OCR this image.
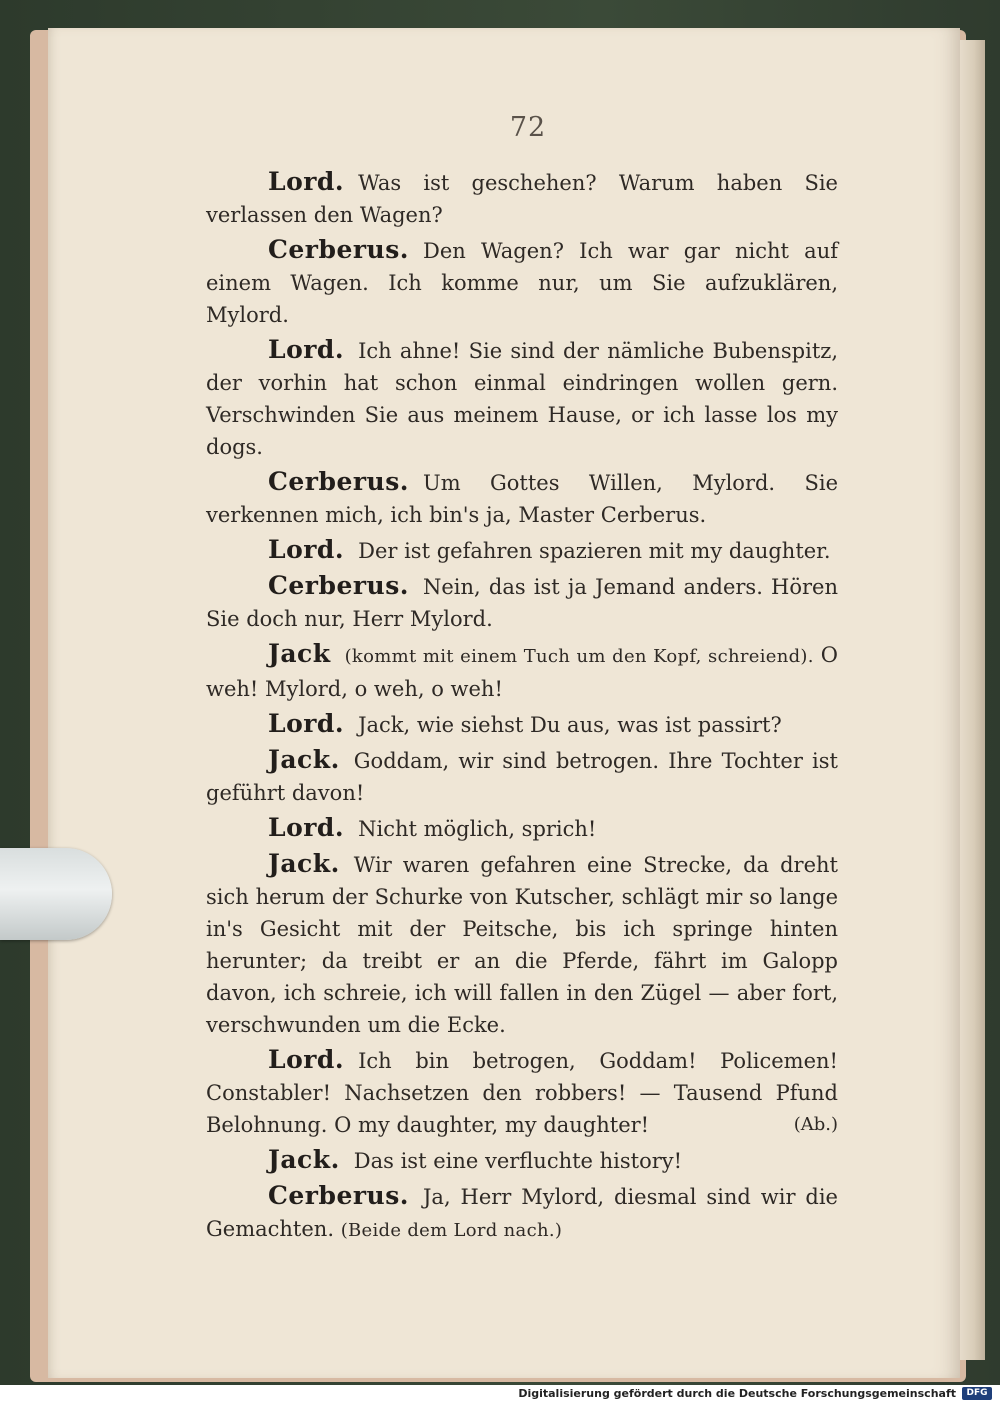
72

Lord. Was ist geschehen? Warum haben Sie verlassen den Wagen?

Cerberus. Den Wagen? Ich war gar nicht auf einem Wagen. Ich komme nur, um Sie aufzuklären, Mylord.

Lord. Ich ahne! Sie sind der nämliche Bubenspitz, der vorhin hat schon einmal eindringen wollen gern. Verschwinden Sie aus meinem Hause, or ich lasse los my dogs.

Cerberus. Um Gottes Willen, Mylord. Sie verkennen mich, ich bin's ja, Master Cerberus.

Lord. Der ist gefahren spazieren mit my daughter.

Cerberus. Nein, das ist ja Jemand anders. Hören Sie doch nur, Herr Mylord.

Jack (kommt mit einem Tuch um den Kopf, schreiend). O weh! Mylord, o weh, o weh!

Lord. Jack, wie siehst Du aus, was ist passirt?

Jack. Goddam, wir sind betrogen. Ihre Tochter ist geführt davon!

Lord. Nicht möglich, sprich!

Jack. Wir waren gefahren eine Strecke, da dreht sich herum der Schurke von Kutscher, schlägt mir so lange in's Gesicht mit der Peitsche, bis ich springe hinten herunter; da treibt er an die Pferde, fährt im Galopp davon, ich schreie, ich will fallen in den Zügel — aber fort, verschwunden um die Ecke.

Lord. Ich bin betrogen, Goddam! Policemen! Constabler! Nachsetzen den robbers! — Tausend Pfund Belohnung. O my daughter, my daughter!	(Ab.)

Jack. Das ist eine verfluchte history!

Cerberus. Ja, Herr Mylord, diesmal sind wir die Gemachten. (Beide dem Lord nach.)

Digitalisierung gefördert durch die Deutsche Forschungsgemeinschaft	DFG
